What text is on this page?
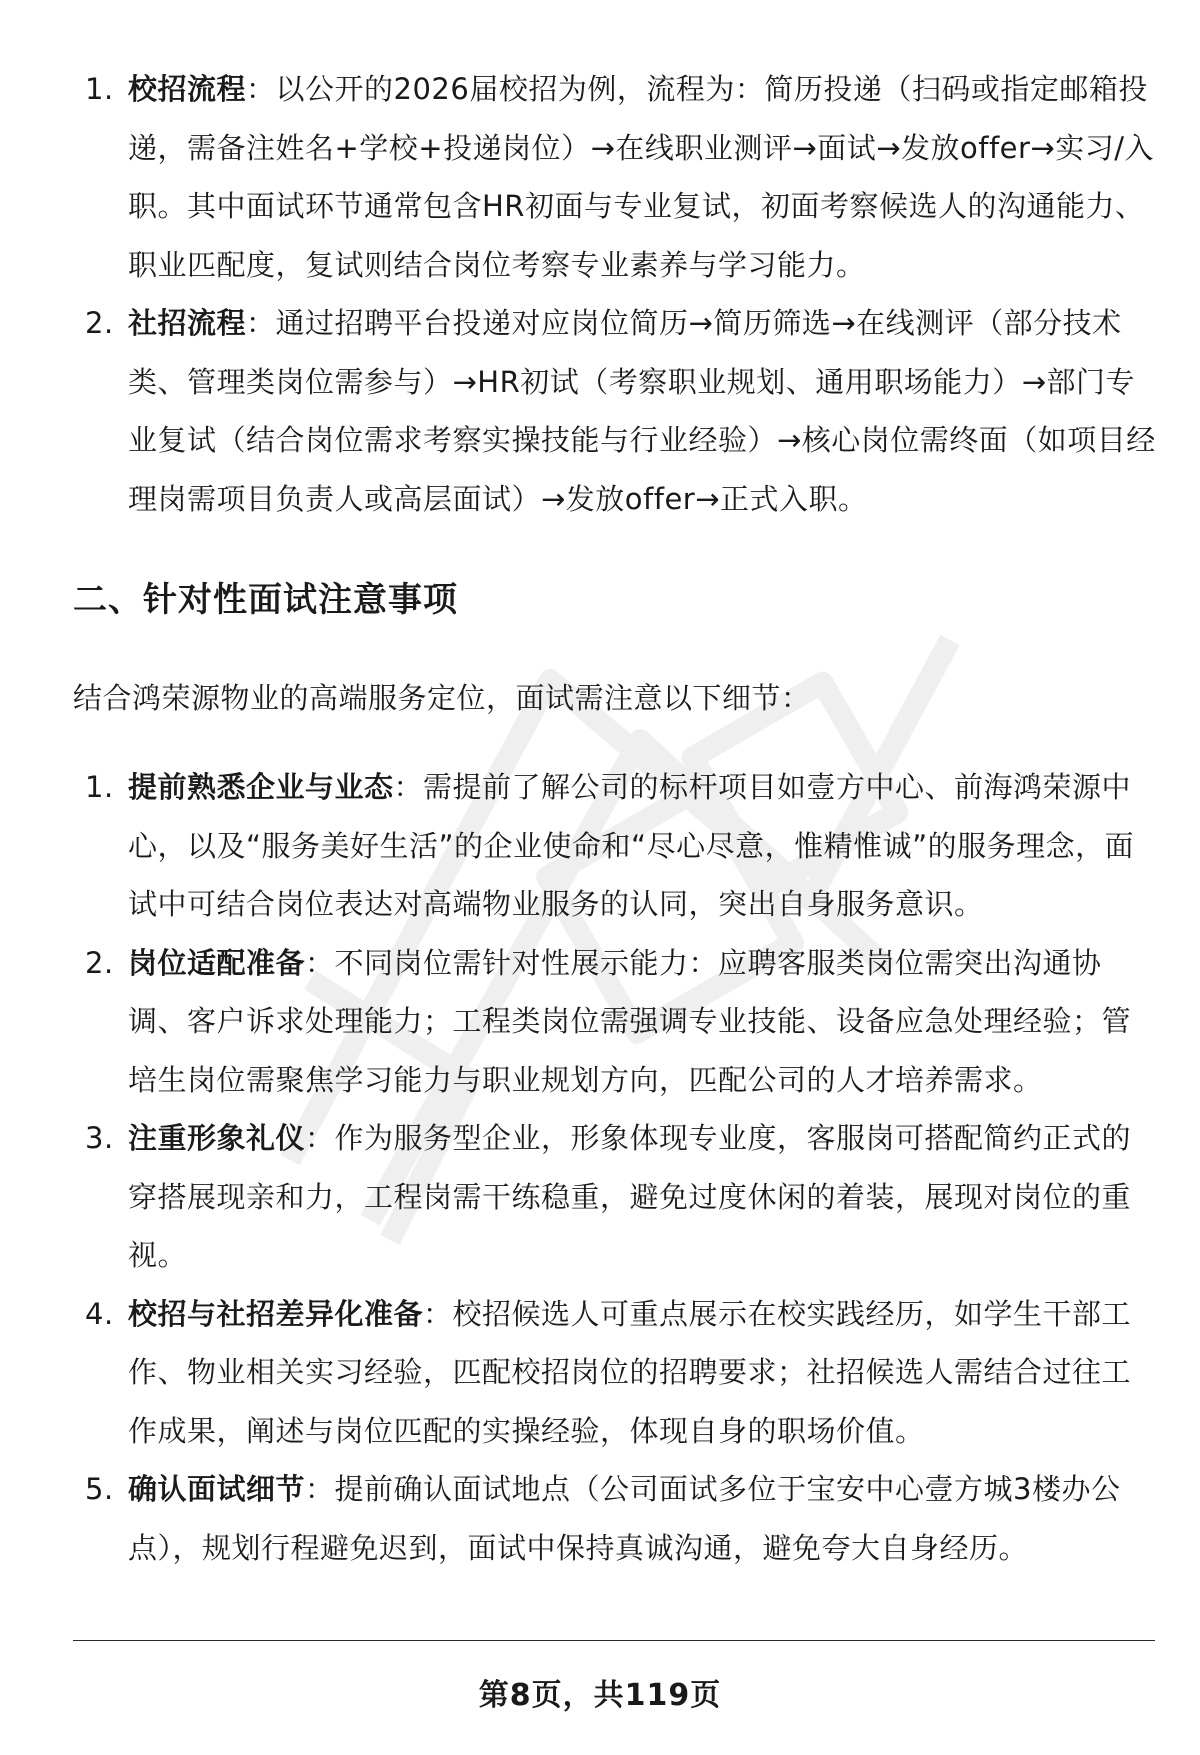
1. 校招流程：以公开的2026届校招为例，流程为：简历投递（扫码或指定邮箱投递，需备注姓名+学校+投递岗位）→在线职业测评→面试→发放offer→实习/入职。其中面试环节通常包含HR初面与专业复试，初面考察候选人的沟通能力、职业匹配度，复试则结合岗位考察专业素养与学习能力。
2. 社招流程：通过招聘平台投递对应岗位简历→简历筛选→在线测评（部分技术类、管理类岗位需参与）→HR初试（考察职业规划、通用职场能力）→部门专业复试（结合岗位需求考察实操技能与行业经验）→核心岗位需终面（如项目经理岗需项目负责人或高层面试）→发放offer→正式入职。
二、针对性面试注意事项

结合鸿荣源物业的高端服务定位，面试需注意以下细节：

1. 提前熟悉企业与业态：需提前了解公司的标杆项目如壹方中心、前海鸿荣源中心，以及“服务美好生活”的企业使命和“尽心尽意，惟精惟诚”的服务理念，面试中可结合岗位表达对高端物业服务的认同，突出自身服务意识。
2. 岗位适配准备：不同岗位需针对性展示能力：应聘客服类岗位需突出沟通协调、客户诉求处理能力；工程类岗位需强调专业技能、设备应急处理经验；管培生岗位需聚焦学习能力与职业规划方向，匹配公司的人才培养需求。
3. 注重形象礼仪：作为服务型企业，形象体现专业度，客服岗可搭配简约正式的穿搭展现亲和力，工程岗需干练稳重，避免过度休闲的着装，展现对岗位的重视。
4. 校招与社招差异化准备：校招候选人可重点展示在校实践经历，如学生干部工作、物业相关实习经验，匹配校招岗位的招聘要求；社招候选人需结合过往工作成果，阐述与岗位匹配的实操经验，体现自身的职场价值。
5. 确认面试细节：提前确认面试地点（公司面试多位于宝安中心壹方城3楼办公点），规划行程避免迟到，面试中保持真诚沟通，避免夸大自身经历。
第8页，共119页
